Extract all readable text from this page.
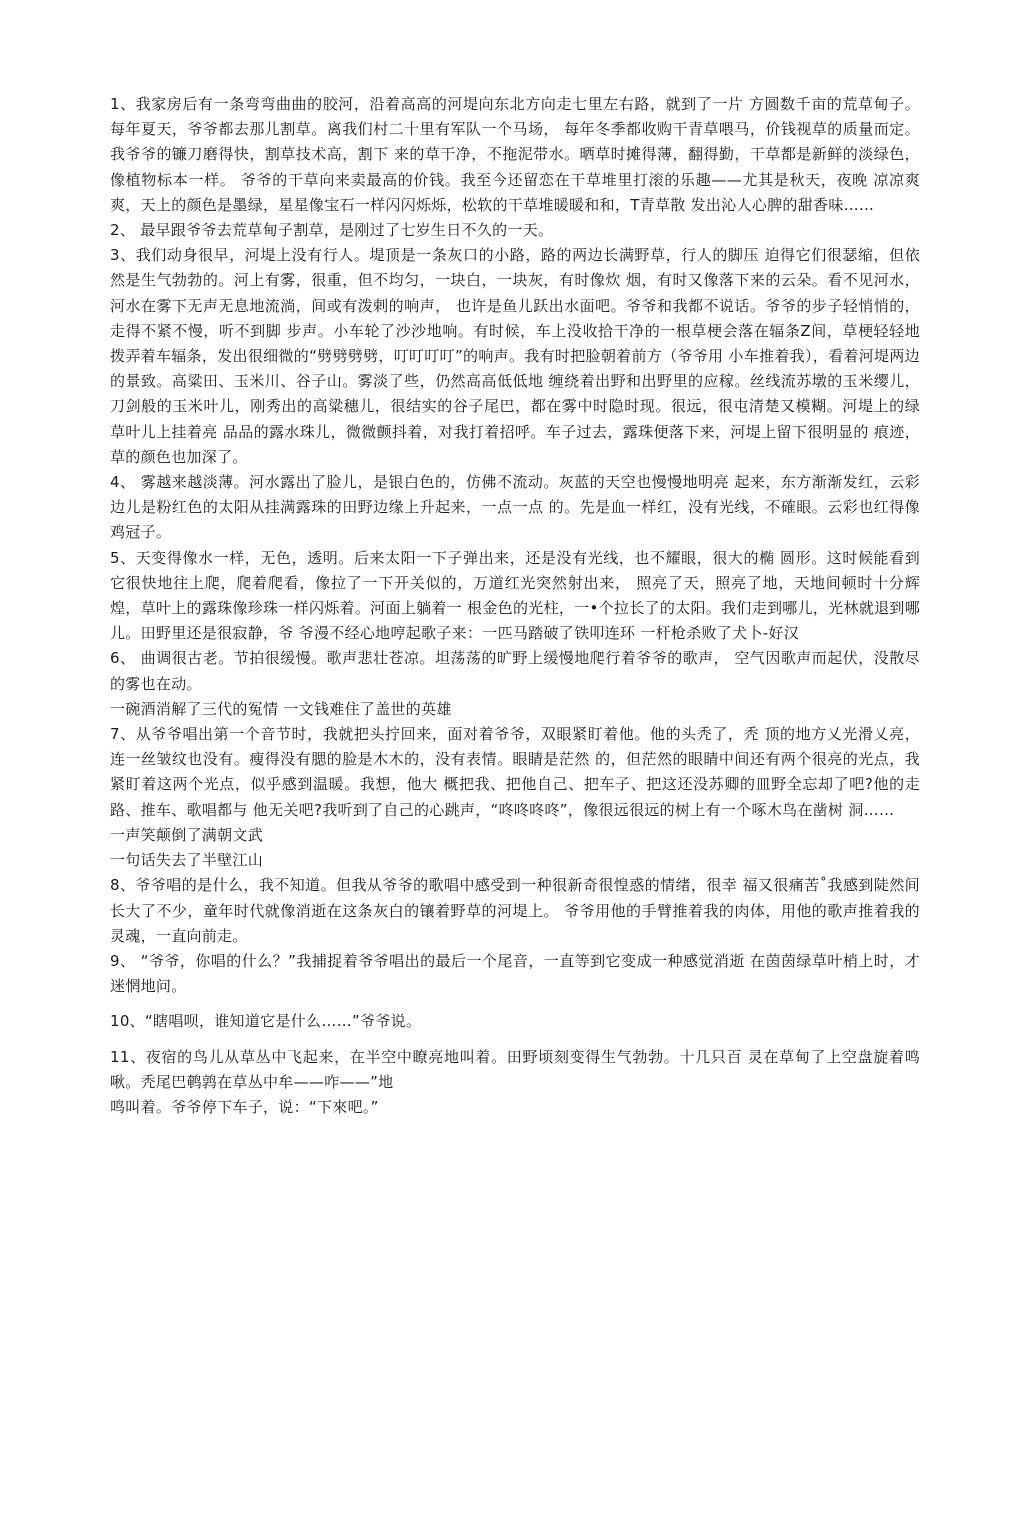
1、我家房后有一条弯弯曲曲的胶河，沿着高高的河堤向东北方向走七里左右路，就到了一片 方圆数千亩的荒草甸子。每年夏天，爷爷都去那儿割草。离我们村二十里有军队一个马场， 每年冬季都收购干青草喂马，价钱视草的质量而定。我爷爷的镰刀磨得快，割草技术高，割下 来的草干净，不拖泥带水。晒草时摊得薄，翻得勤，干草都是新鲜的淡绿色，像植物标本一样。 爷爷的干草向来卖最高的价钱。我至今还留恋在干草堆里打滚的乐趣——尤其是秋天，夜晚 凉凉爽爽，天上的颜色是墨绿，星星像宝石一样闪闪烁烁，松软的干草堆暖暖和和，T青草散 发出沁人心脾的甜香味……

2、 最早跟爷爷去荒草甸子割草，是刚过了七岁生日不久的一天。

3、我们动身很早，河堤上没有行人。堤顶是一条灰口的小路，路的两边长满野草，行人的脚压 迫得它们很瑟缩，但依然是生气勃勃的。河上有雾，很重，但不均匀，一块白，一块灰，有时像炊 烟，有时又像落下来的云朵。看不见河水，河水在雾下无声无息地流淌，间或有泼剌的响声， 也许是鱼儿跃出水面吧。爷爷和我都不说话。爷爷的步子轻悄悄的，走得不紧不慢，听不到脚 步声。小车轮了沙沙地响。有时候，车上没收拾干净的一根草梗会落在辐条Z间，草梗轻轻地 拨弄着车辐条，发出很细微的“劈劈劈劈，叮叮叮叮”的响声。我有时把脸朝着前方（爷爷用 小车推着我），看着河堤两边的景致。高粱田、玉米川、谷子山。雾淡了些，仍然高高低低地 缠绕着出野和出野里的应稼。丝线流苏墩的玉米缨儿，刀剑般的玉米叶儿，刚秀出的高粱穗儿，很结实的谷子尾巴，都在雾中时隐时现。很远，很屯清楚又模糊。河堤上的绿草叶儿上挂着亮 品品的露水珠儿，微微颤抖着，对我打着招呼。车子过去，露珠便落下来，河堤上留下很明显的 痕迹，草的颜色也加深了。

4、 雾越来越淡薄。河水露出了脸儿，是银白色的，仿佛不流动。灰蓝的天空也慢慢地明亮 起来，东方渐渐发红，云彩边儿是粉红色的太阳从挂满露珠的田野边缘上升起来，一点一点 的。先是血一样红，没有光线，不確眼。云彩也红得像鸡冠子。

5、天变得像水一样，无色，透明。后来太阳一下子弹出来，还是没有光线，也不耀眼，很大的椭 圆形。这时候能看到它很快地往上爬，爬着爬看，像拉了一下开关似的，万道红光突然射出来， 照亮了天，照亮了地，天地间顿时十分辉煌，草叶上的露珠像珍珠一样闪烁着。河面上躺着一 根金色的光柱，一•个拉长了的太阳。我们走到哪儿，光林就退到哪儿。田野里还是很寂静，爷 爷漫不经心地哼起歌子来：一匹马踏破了铁叩连环 一杆枪杀败了犬卜-好汉

6、 曲调很古老。节拍很缓慢。歌声悲壮苍凉。坦荡荡的旷野上缓慢地爬行着爷爷的歌声， 空气因歌声而起伏，没散尽的雾也在动。

一碗酒消解了三代的冤情 一文钱难住了盖世的英雄

7、从爷爷唱出第一个音节时，我就把头拧回来，面对着爷爷，双眼紧盯着他。他的头秃了，秃 顶的地方乂光滑乂亮，连一丝皱纹也没有。瘦得没有腮的脸是木木的，没有表情。眼睛是茫然 的，但茫然的眼睛中间还有两个很亮的光点，我紧盯着这两个光点，似乎感到温暖。我想，他大 概把我、把他自己、把车子、把这还没苏卿的皿野全忘却了吧?他的走路、推车、歌唱都与 他无关吧?我听到了自己的心跳声，“咚咚咚咚”，像很远很远的树上有一个啄木鸟在凿树 洞……

一声笑颠倒了满朝文武

一句话失去了半壁江山

8、爷爷唱的是什么，我不知道。但我从爷爷的歌唱中感受到一种很新奇很惶惑的情绪，很幸 福又很痛苦˚我感到陡然间长大了不少，童年时代就像消逝在这条灰白的镶着野草的河堤上。 爷爷用他的手臂推着我的肉体，用他的歌声推着我的灵魂，一直向前走。

9、 “爷爷，你唱的什么？”我捕捉着爷爷唱出的最后一个尾音，一直等到它变成一种感觉消逝 在茵茵绿草叶梢上时，才迷惘地问。

10、“瞎唱呗，谁知道它是什么……”爷爷说。

11、夜宿的鸟儿从草丛中飞起来，在半空中瞭亮地叫着。田野顷刻变得生气勃勃。十几只百 灵在草甸了上空盘旋着鸣啾。秃尾巴鹌鹑在草丛中牟——咋——”地

鸣叫着。爷爷停下车子，说：“下來吧。”
